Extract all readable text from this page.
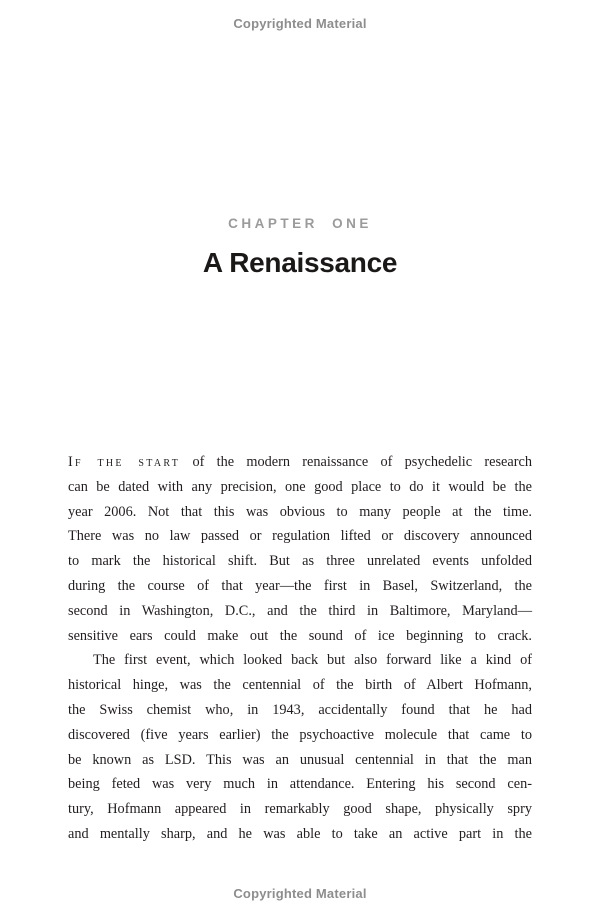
Copyrighted Material
CHAPTER ONE
A Renaissance
If the start of the modern renaissance of psychedelic research
can be dated with any precision, one good place to do it would be the
year 2006. Not that this was obvious to many people at the time.
There was no law passed or regulation lifted or discovery announced
to mark the historical shift. But as three unrelated events unfolded
during the course of that year—the first in Basel, Switzerland, the
second in Washington, D.C., and the third in Baltimore, Maryland—
sensitive ears could make out the sound of ice beginning to crack.
The first event, which looked back but also forward like a kind of
historical hinge, was the centennial of the birth of Albert Hofmann,
the Swiss chemist who, in 1943, accidentally found that he had
discovered (five years earlier) the psychoactive molecule that came to
be known as LSD. This was an unusual centennial in that the man
being feted was very much in attendance. Entering his second cen-
tury, Hofmann appeared in remarkably good shape, physically spry
and mentally sharp, and he was able to take an active part in the
Copyrighted Material
